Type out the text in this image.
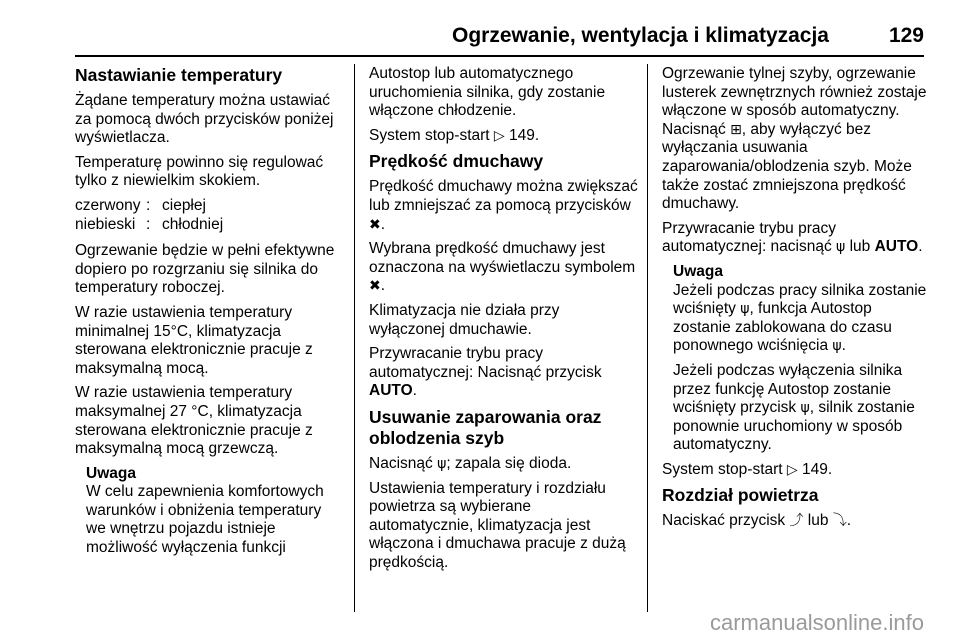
Ogrzewanie, wentylacja i klimatyzacja	129
Nastawianie temperatury

Żądane temperatury można ustawiać za pomocą dwóch przycisków poniżej wyświetlacza.

Temperaturę powinno się regulować tylko z niewielkim skokiem.

czerwony	:	ciepłej
niebieski	:	chłodniej

Ogrzewanie będzie w pełni efektywne dopiero po rozgrzaniu się silnika do temperatury roboczej.

W razie ustawienia temperatury minimalnej 15°C, klimatyzacja sterowana elektronicznie pracuje z maksymalną mocą.

W razie ustawienia temperatury maksymalnej 27 °C, klimatyzacja sterowana elektronicznie pracuje z maksymalną mocą grzewczą.

Uwaga
W celu zapewnienia komfortowych warunków i obniżenia temperatury we wnętrzu pojazdu istnieje możliwość wyłączenia funkcji

Autostop lub automatycznego uruchomienia silnika, gdy zostanie włączone chłodzenie.

System stop-start ▷ 149.

Prędkość dmuchawy

Prędkość dmuchawy można zwiększać lub zmniejszać za pomocą przycisków ✖.

Wybrana prędkość dmuchawy jest oznaczona na wyświetlaczu symbolem ✖.

Klimatyzacja nie działa przy wyłączonej dmuchawie.

Przywracanie trybu pracy automatycznej: Nacisnąć przycisk AUTO.

Usuwanie zaparowania oraz oblodzenia szyb

Nacisnąć ψ; zapala się dioda.

Ustawienia temperatury i rozdziału powietrza są wybierane automatycznie, klimatyzacja jest włączona i dmuchawa pracuje z dużą prędkością.

Ogrzewanie tylnej szyby, ogrzewanie lusterek zewnętrznych również zostaje włączone w sposób automatyczny. Nacisnąć ⊞, aby wyłączyć bez wyłączania usuwania zaparowania/oblodzenia szyb. Może także zostać zmniejszona prędkość dmuchawy.

Przywracanie trybu pracy automatycznej: nacisnąć ψ lub AUTO.

Uwaga

Jeżeli podczas pracy silnika zostanie wciśnięty ψ, funkcja Autostop zostanie zablokowana do czasu ponownego wciśnięcia ψ.

Jeżeli podczas wyłączenia silnika przez funkcję Autostop zostanie wciśnięty przycisk ψ, silnik zostanie ponownie uruchomiony w sposób automatyczny.

System stop-start ▷ 149.

Rozdział powietrza

Naciskać przycisk ⤴ lub ⤵.

carmanualsonline.info
